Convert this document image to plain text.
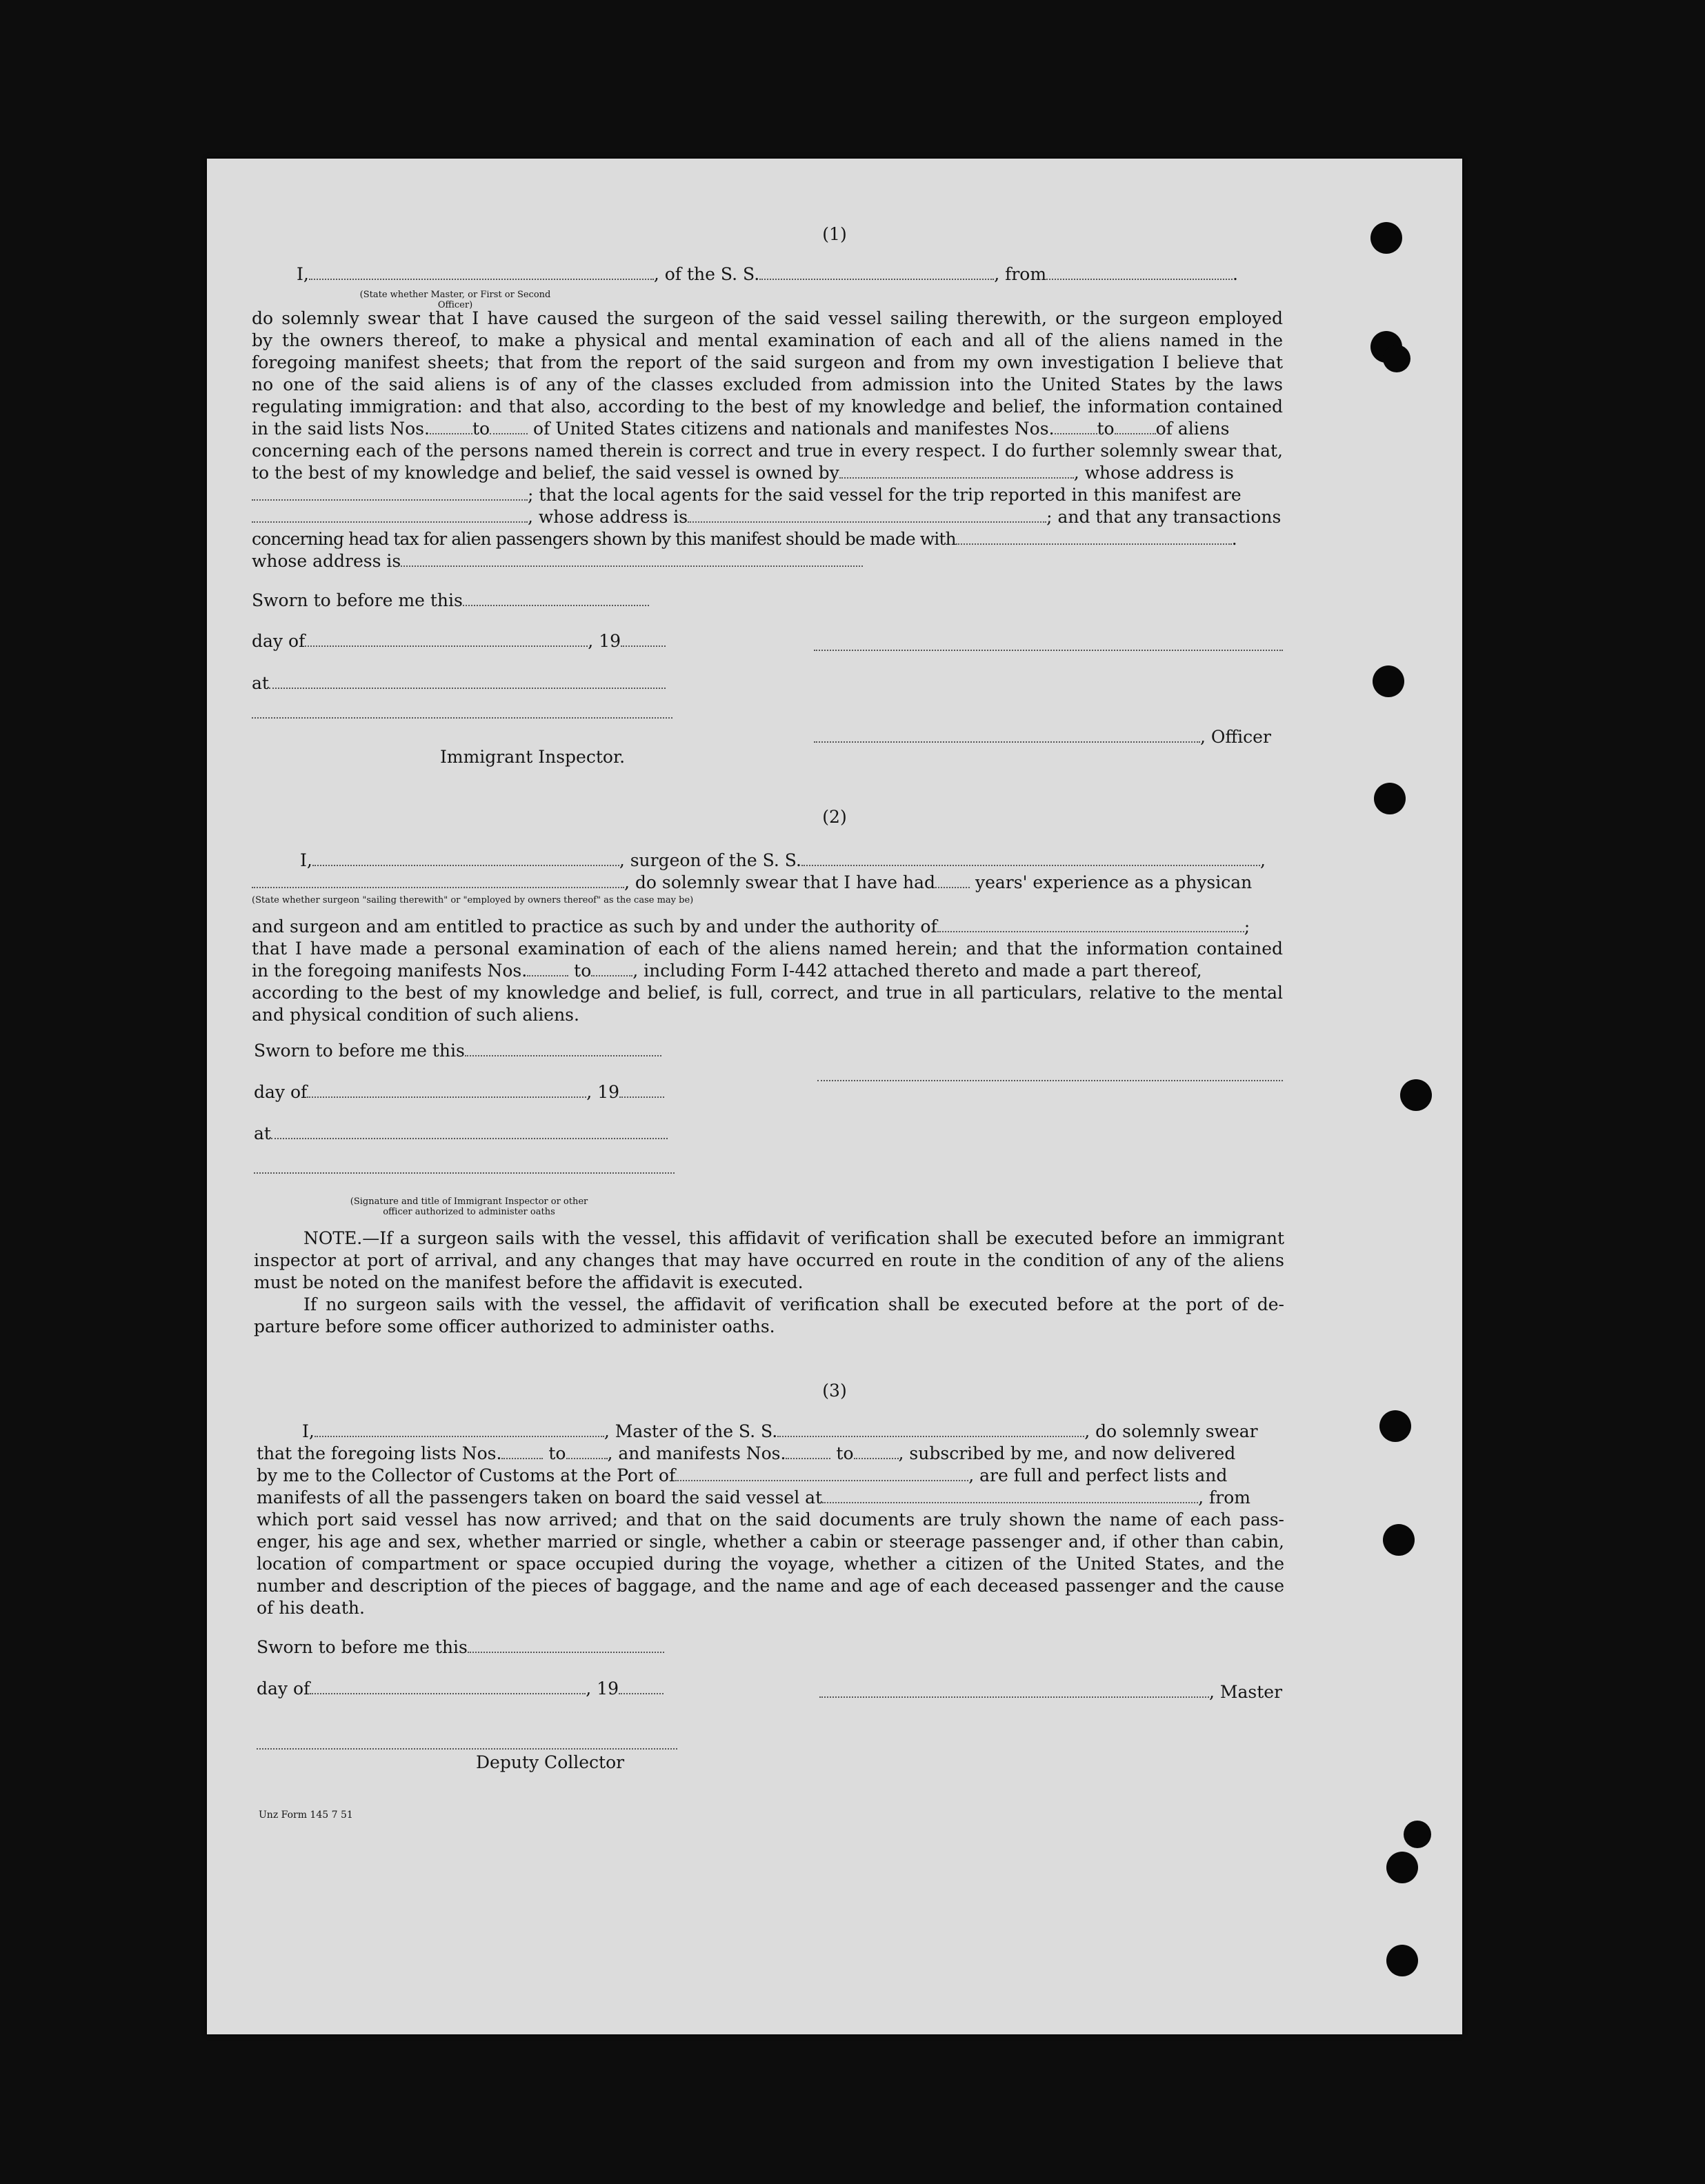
(1)
I,	, of the S. S.	, from	.
(State whether Master, or First or Second Officer)
do solemnly swear that I have caused the surgeon of the said vessel sailing therewith, or the surgeon employed
by the owners thereof, to make a physical and mental examination of each and all of the aliens named in the
foregoing manifest sheets; that from the report of the said surgeon and from my own investigation I believe that
no one of the said aliens is of any of the classes excluded from admission into the United States by the laws
regulating immigration: and that also, according to the best of my knowledge and belief, the information contained
in the said lists Nos. to	of United States citizens and nationals and manifestes Nos. to of aliens
concerning each of the persons named therein is correct and true in every respect. I do further solemnly swear that,
to the best of my knowledge and belief, the said vessel is owned by	, whose address is
; that the local agents for the said vessel for the trip reported in this manifest are
, whose address is	; and that any transactions
concerning head tax for alien passengers shown by this manifest should be made with	.
whose address is
Sworn to before me this
day of	, 19
at
, Officer
Immigrant Inspector.
(2)
I,	, surgeon of the S. S.	,
, do solemnly swear that I have had years' experience as a physican
(State whether surgeon "sailing therewith" or "employed by owners thereof" as the case may be)
and surgeon and am entitled to practice as such by and under the authority of	;
that I have made a personal examination of each of the aliens named herein; and that the information contained
in the foregoing manifests Nos.	to , including Form I-442 attached thereto and made a part thereof,
according to the best of my knowledge and belief, is full, correct, and true in all particulars, relative to the mental
and physical condition of such aliens.
Sworn to before me this
day of	, 19
at
(Signature and title of Immigrant Inspector or other
officer authorized to administer oaths
NOTE.—If a surgeon sails with the vessel, this affidavit of verification shall be executed before an immigrant
inspector at port of arrival, and any changes that may have occurred en route in the condition of any of the aliens
must be noted on the manifest before the affidavit is executed.
If no surgeon sails with the vessel, the affidavit of verification shall be executed before at the port of de-
parture before some officer authorized to administer oaths.
(3)
I,	, Master of the S. S.	, do solemnly swear
that the foregoing lists Nos.	to , and manifests Nos.	to	, subscribed by me, and now delivered
by me to the Collector of Customs at the Port of	, are full and perfect lists and
manifests of all the passengers taken on board the said vessel at	, from
which port said vessel has now arrived; and that on the said documents are truly shown the name of each pass-
enger, his age and sex, whether married or single, whether a cabin or steerage passenger and, if other than cabin,
location of compartment or space occupied during the voyage, whether a citizen of the United States, and the
number and description of the pieces of baggage, and the name and age of each deceased passenger and the cause
of his death.
Sworn to before me this
day of	, 19	, Master
Deputy Collector
Unz Form 145 7 51
